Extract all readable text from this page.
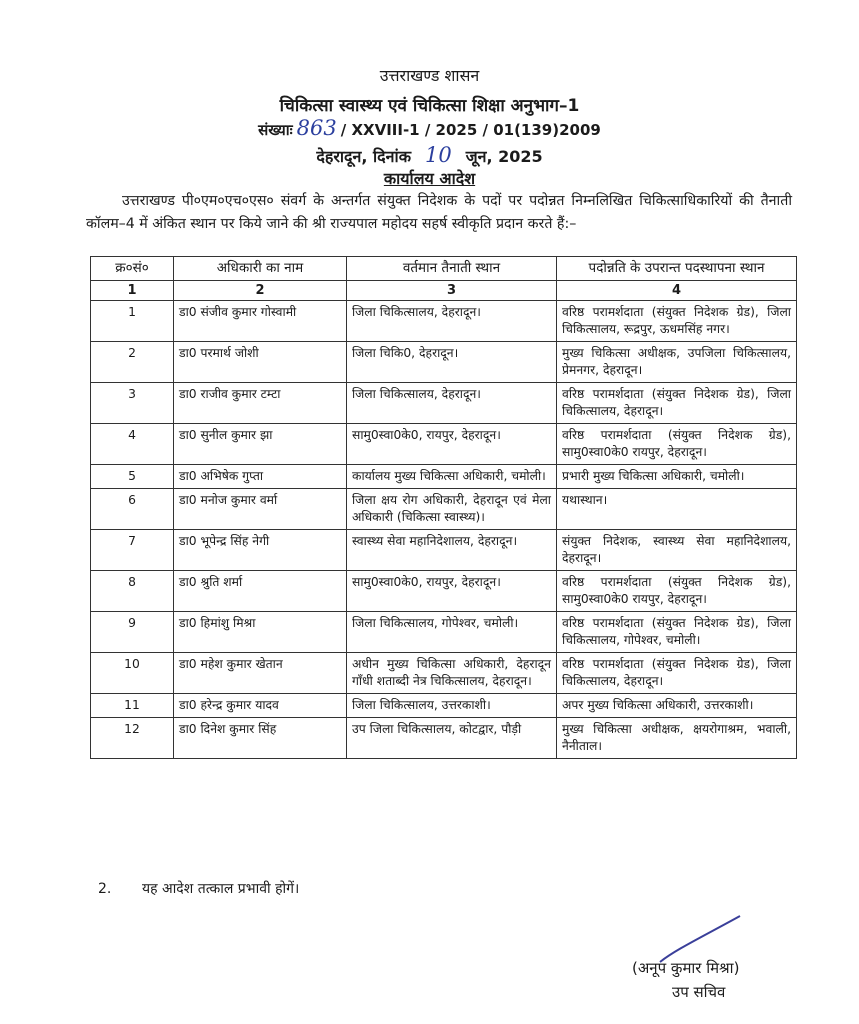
उत्तराखण्ड शासन
चिकित्सा स्वास्थ्य एवं चिकित्सा शिक्षा अनुभाग–1
संख्याः 863 / XXVIII-1 / 2025 / 01(139)2009
देहरादून, दिनांक 10 जून, 2025
कार्यालय आदेश
उत्तराखण्ड पी०एम०एच०एस० संवर्ग के अन्तर्गत संयुक्त निदेशक के पदों पर पदोन्नत निम्नलिखित चिकित्साधिकारियों की तैनाती कॉलम–4 में अंकित स्थान पर किये जाने की श्री राज्यपाल महोदय सहर्ष स्वीकृति प्रदान करते हैं:–
क्र०सं०	अधिकारी का नाम	वर्तमान तैनाती स्थान	पदोन्नति के उपरान्त पदस्थापना स्थान
1	2	3	4
1	डा0 संजीव कुमार गोस्वामी	जिला चिकित्सालय, देहरादून।	वरिष्ठ परामर्शदाता (संयुक्त निदेशक ग्रेड), जिला चिकित्सालय, रूद्रपुर, ऊधमसिंह नगर।
2	डा0 परमार्थ जोशी	जिला चिकि0, देहरादून।	मुख्य चिकित्सा अधीक्षक, उपजिला चिकित्सालय, प्रेमनगर, देहरादून।
3	डा0 राजीव कुमार टम्टा	जिला चिकित्सालय, देहरादून।	वरिष्ठ परामर्शदाता (संयुक्त निदेशक ग्रेड), जिला चिकित्सालय, देहरादून।
4	डा0 सुनील कुमार झा	सामु0स्वा0के0, रायपुर, देहरादून।	वरिष्ठ परामर्शदाता (संयुक्त निदेशक ग्रेड), सामु0स्वा0के0 रायपुर, देहरादून।
5	डा0 अभिषेक गुप्ता	कार्यालय मुख्य चिकित्सा अधिकारी, चमोली।	प्रभारी मुख्य चिकित्सा अधिकारी, चमोली।
6	डा0 मनोज कुमार वर्मा	जिला क्षय रोग अधिकारी, देहरादून एवं मेला अधिकारी (चिकित्सा स्वास्थ्य)।	यथास्थान।
7	डा0 भूपेन्द्र सिंह नेगी	स्वास्थ्य सेवा महानिदेशालय, देहरादून।	संयुक्त निदेशक, स्वास्थ्य सेवा महानिदेशालय, देहरादून।
8	डा0 श्रुति शर्मा	सामु0स्वा0के0, रायपुर, देहरादून।	वरिष्ठ परामर्शदाता (संयुक्त निदेशक ग्रेड), सामु0स्वा0के0 रायपुर, देहरादून।
9	डा0 हिमांशु मिश्रा	जिला चिकित्सालय, गोपेश्वर, चमोली।	वरिष्ठ परामर्शदाता (संयुक्त निदेशक ग्रेड), जिला चिकित्सालय, गोपेश्वर, चमोली।
10	डा0 महेश कुमार खेतान	अधीन मुख्य चिकित्सा अधिकारी, देहरादून गाँधी शताब्दी नेत्र चिकित्सालय, देहरादून।	वरिष्ठ परामर्शदाता (संयुक्त निदेशक ग्रेड), जिला चिकित्सालय, देहरादून।
11	डा0 हरेन्द्र कुमार यादव	जिला चिकित्सालय, उत्तरकाशी।	अपर मुख्य चिकित्सा अधिकारी, उत्तरकाशी।
12	डा0 दिनेश कुमार सिंह	उप जिला चिकित्सालय, कोटद्वार, पौड़ी	मुख्य चिकित्सा अधीक्षक, क्षयरोगाश्रम, भवाली, नैनीताल।
2. यह आदेश तत्काल प्रभावी होगें।
(अनूप कुमार मिश्रा)
उप सचिव
